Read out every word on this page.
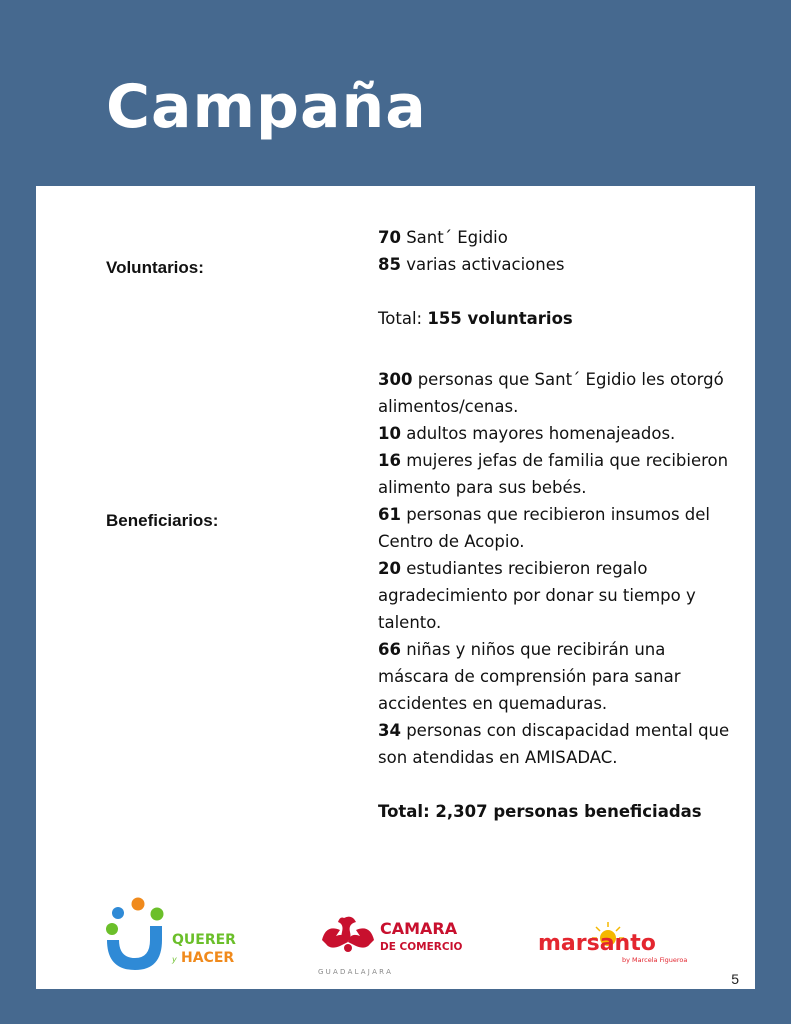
Campaña
Voluntarios:

70 Sant´ Egidio

85 varias activaciones

Total: 155 voluntarios

Beneficiarios:

300 personas que Sant´ Egidio les otorgó alimentos/cenas.

10 adultos mayores homenajeados.

16 mujeres jefas de familia que recibieron alimento para sus bebés.

61 personas que recibieron insumos del Centro de Acopio.

20 estudiantes recibieron regalo agradecimiento por donar su tiempo y talento.

66 niñas y niños que recibirán una máscara de comprensión para sanar accidentes en quemaduras.

34 personas con discapacidad mental que son atendidas en AMISADAC.

Total: 2,307 personas beneficiadas

QUERER
y HACER
CAMARA
DE COMERCIO
G U A D A L A J A R A
marsanto
by Marcela Figueroa
5
